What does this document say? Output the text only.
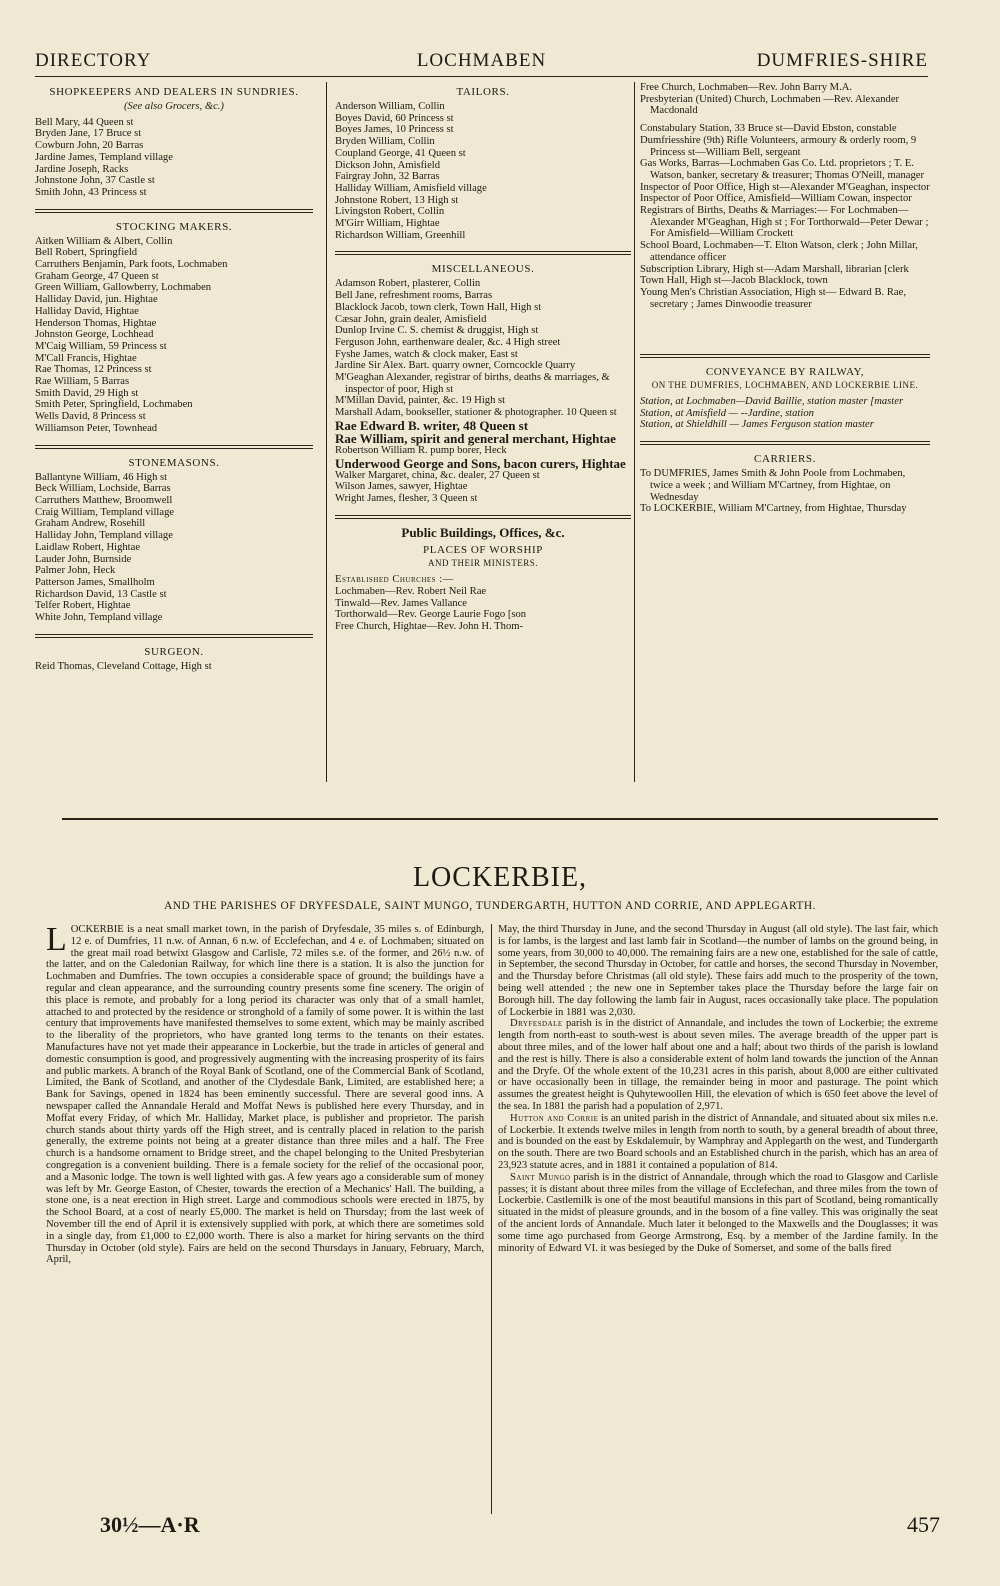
DIRECTORY	LOCHMABEN	DUMFRIES-SHIRE
SHOPKEEPERS AND DEALERS IN SUNDRIES.
(See also Grocers, &c.)
Bell Mary, 44 Queen st
Bryden Jane, 17 Bruce st
Cowburn John, 20 Barras
Jardine James, Templand village
Jardine Joseph, Racks
Johnstone John, 37 Castle st
Smith John, 43 Princess st
STOCKING MAKERS.
Aitken William & Albert, Collin
Bell Robert, Springfield
Carruthers Benjamin, Park foots, Lochmaben
Graham George, 47 Queen st
Green William, Gallowberry, Lochmaben
Halliday David, jun. Hightae
Halliday David, Hightae
Henderson Thomas, Hightae
Johnston George, Lochhead
M'Caig William, 59 Princess st
M'Call Francis, Hightae
Rae Thomas, 12 Princess st
Rae William, 5 Barras
Smith David, 29 High st
Smith Peter, Springfield, Lochmaben
Wells David, 8 Princess st
Williamson Peter, Townhead
STONEMASONS.
Ballantyne William, 46 High st
Beck William, Lochside, Barras
Carruthers Matthew, Broomwell
Craig William, Templand village
Graham Andrew, Rosehill
Halliday John, Templand village
Laidlaw Robert, Hightae
Lauder John, Burnside
Palmer John, Heck
Patterson James, Smallholm
Richardson David, 13 Castle st
Telfer Robert, Hightae
White John, Templand village
SURGEON.
Reid Thomas, Cleveland Cottage, High st
TAILORS.
Anderson William, Collin
Boyes David, 60 Princess st
Boyes James, 10 Princess st
Bryden William, Collin
Coupland George, 41 Queen st
Dickson John, Amisfield
Fairgray John, 32 Barras
Halliday William, Amisfield village
Johnstone Robert, 13 High st
Livingston Robert, Collin
M'Girr William, Hightae
Richardson William, Greenhill
MISCELLANEOUS.
Adamson Robert, plasterer, Collin
Bell Jane, refreshment rooms, Barras
Blacklock Jacob, town clerk, Town Hall, High st
Cæsar John, grain dealer, Amisfield
Dunlop Irvine C. S. chemist & druggist, High st
Ferguson John, earthenware dealer, &c. 4 High street
Fyshe James, watch & clock maker, East st
Jardine Sir Alex. Bart. quarry owner, Corncockle Quarry
M'Geaghan Alexander, registrar of births, deaths & marriages, & inspector of poor, High st
M'Millan David, painter, &c. 19 High st
Marshall Adam, bookseller, stationer & photographer. 10 Queen st
Rae Edward B. writer, 48 Queen st
Rae William, spirit and general merchant, Hightae
Robertson William R. pump borer, Heck
Underwood George and Sons, bacon curers, Hightae
Walker Margaret, china, &c. dealer, 27 Queen st
Wilson James, sawyer, Hightae
Wright James, flesher, 3 Queen st
Public Buildings, Offices, &c.
PLACES OF WORSHIP
AND THEIR MINISTERS.
Established Churches :—
Lochmaben—Rev. Robert Neil Rae
Tinwald—Rev. James Vallance
Torthorwald—Rev. George Laurie Fogo [son
Free Church, Hightae—Rev. John H. Thom-
Free Church, Lochmaben—Rev. John Barry M.A.
Presbyterian (United) Church, Lochmaben —Rev. Alexander Macdonald
Constabulary Station, 33 Bruce st—David Ebston, constable
Dumfriesshire (9th) Rifle Volunteers, armoury & orderly room, 9 Princess st—William Bell, sergeant
Gas Works, Barras—Lochmaben Gas Co. Ltd. proprietors ; T. E. Watson, banker, secretary & treasurer; Thomas O'Neill, manager
Inspector of Poor Office, High st—Alexander M'Geaghan, inspector
Inspector of Poor Office, Amisfield—William Cowan, inspector
Registrars of Births, Deaths & Marriages:— For Lochmaben—Alexander M'Geaghan, High st ; For Torthorwald—Peter Dewar ; For Amisfield—William Crockett
School Board, Lochmaben—T. Elton Watson, clerk ; John Millar, attendance officer
Subscription Library, High st—Adam Marshall, librarian [clerk
Town Hall, High st—Jacob Blacklock, town
Young Men's Christian Association, High st— Edward B. Rae, secretary ; James Dinwoodie treasurer
CONVEYANCE BY RAILWAY,
ON THE DUMFRIES, LOCHMABEN, AND LOCKERBIE LINE.
Station, at Lochmaben—David Baillie, station master [master
Station, at Amisfield — --Jardine, station
Station, at Shieldhill — James Ferguson station master
CARRIERS.
To DUMFRIES, James Smith & John Poole from Lochmaben, twice a week ; and William M'Cartney, from Hightae, on Wednesday
To LOCKERBIE, William M'Cartney, from Hightae, Thursday
LOCKERBIE,
AND THE PARISHES OF DRYFESDALE, SAINT MUNGO, TUNDERGARTH, HUTTON AND CORRIE, AND APPLEGARTH.

LOCKERBIE is a neat small market town, in the parish of Dryfesdale, 35 miles s. of Edinburgh, 12 e. of Dumfries, 11 n.w. of Annan, 6 n.w. of Ecclefechan, and 4 e. of Lochmaben; situated on the great mail road betwixt Glasgow and Carlisle, 72 miles s.e. of the former, and 26½ n.w. of the latter, and on the Caledonian Railway, for which line there is a station. It is also the junction for Lochmaben and Dumfries. The town occupies a considerable space of ground; the buildings have a regular and clean appearance, and the surrounding country presents some fine scenery. The origin of this place is remote, and probably for a long period its character was only that of a small hamlet, attached to and protected by the residence or stronghold of a family of some power. It is within the last century that improvements have manifested themselves to some extent, which may be mainly ascribed to the liberality of the proprietors, who have granted long terms to the tenants on their estates. Manufactures have not yet made their appearance in Lockerbie, but the trade in articles of general and domestic consumption is good, and progressively augmenting with the increasing prosperity of its fairs and public markets. A branch of the Royal Bank of Scotland, one of the Commercial Bank of Scotland, Limited, the Bank of Scotland, and another of the Clydesdale Bank, Limited, are established here; a Bank for Savings, opened in 1824 has been eminently successful. There are several good inns. A newspaper called the Annandale Herald and Moffat News is published here every Thursday, and in Moffat every Friday, of which Mr. Halliday, Market place, is publisher and proprietor. The parish church stands about thirty yards off the High street, and is centrally placed in relation to the parish generally, the extreme points not being at a greater distance than three miles and a half. The Free church is a handsome ornament to Bridge street, and the chapel belonging to the United Presbyterian congregation is a convenient building. There is a female society for the relief of the occasional poor, and a Masonic lodge. The town is well lighted with gas. A few years ago a considerable sum of money was left by Mr. George Easton, of Chester, towards the erection of a Mechanics' Hall. The building, a stone one, is a neat erection in High street. Large and commodious schools were erected in 1875, by the School Board, at a cost of nearly £5,000. The market is held on Thursday; from the last week of November till the end of April it is extensively supplied with pork, at which there are sometimes sold in a single day, from £1,000 to £2,000 worth. There is also a market for hiring servants on the third Thursday in October (old style). Fairs are held on the second Thursdays in January, February, March, April,

May, the third Thursday in June, and the second Thursday in August (all old style). The last fair, which is for lambs, is the largest and last lamb fair in Scotland—the number of lambs on the ground being, in some years, from 30,000 to 40,000. The remaining fairs are a new one, established for the sale of cattle, in September, the second Thursday in October, for cattle and horses, the second Thursday in November, and the Thursday before Christmas (all old style). These fairs add much to the prosperity of the town, being well attended ; the new one in September takes place the Thursday before the large fair on Borough hill. The day following the lamb fair in August, races occasionally take place. The population of Lockerbie in 1881 was 2,030.

Dryfesdale parish is in the district of Annandale, and includes the town of Lockerbie; the extreme length from north-east to south-west is about seven miles. The average breadth of the upper part is about three miles, and of the lower half about one and a half; about two thirds of the parish is lowland and the rest is hilly. There is also a considerable extent of holm land towards the junction of the Annan and the Dryfe. Of the whole extent of the 10,231 acres in this parish, about 8,000 are either cultivated or have occasionally been in tillage, the remainder being in moor and pasturage. The point which assumes the greatest height is Quhytewoollen Hill, the elevation of which is 650 feet above the level of the sea. In 1881 the parish had a population of 2,971.

Hutton and Corrie is an united parish in the district of Annandale, and situated about six miles n.e. of Lockerbie. It extends twelve miles in length from north to south, by a general breadth of about three, and is bounded on the east by Eskdalemuir, by Wamphray and Applegarth on the west, and Tundergarth on the south. There are two Board schools and an Established church in the parish, which has an area of 23,923 statute acres, and in 1881 it contained a population of 814.

Saint Mungo parish is in the district of Annandale, through which the road to Glasgow and Carlisle passes; it is distant about three miles from the village of Ecclefechan, and three miles from the town of Lockerbie. Castlemilk is one of the most beautiful mansions in this part of Scotland, being romantically situated in the midst of pleasure grounds, and in the bosom of a fine valley. This was originally the seat of the ancient lords of Annandale. Much later it belonged to the Maxwells and the Douglasses; it was some time ago purchased from George Armstrong, Esq. by a member of the Jardine family. In the minority of Edward VI. it was besieged by the Duke of Somerset, and some of the balls fired

30½—A·R	457
